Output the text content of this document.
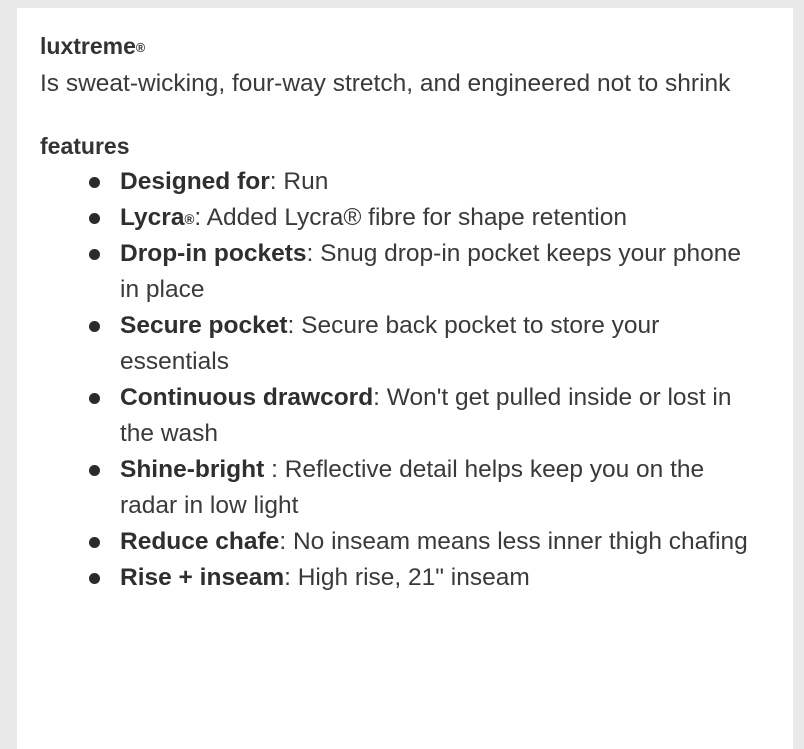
luxtreme®

Is sweat-wicking, four-way stretch, and engineered not to shrink

features
Designed for: Run
Lycra®: Added Lycra® fibre for shape retention
Drop-in pockets: Snug drop-in pocket keeps your phone in place
Secure pocket: Secure back pocket to store your essentials
Continuous drawcord: Won't get pulled inside or lost in the wash
Shine-bright : Reflective detail helps keep you on the radar in low light
Reduce chafe: No inseam means less inner thigh chafing
Rise + inseam: High rise, 21" inseam
